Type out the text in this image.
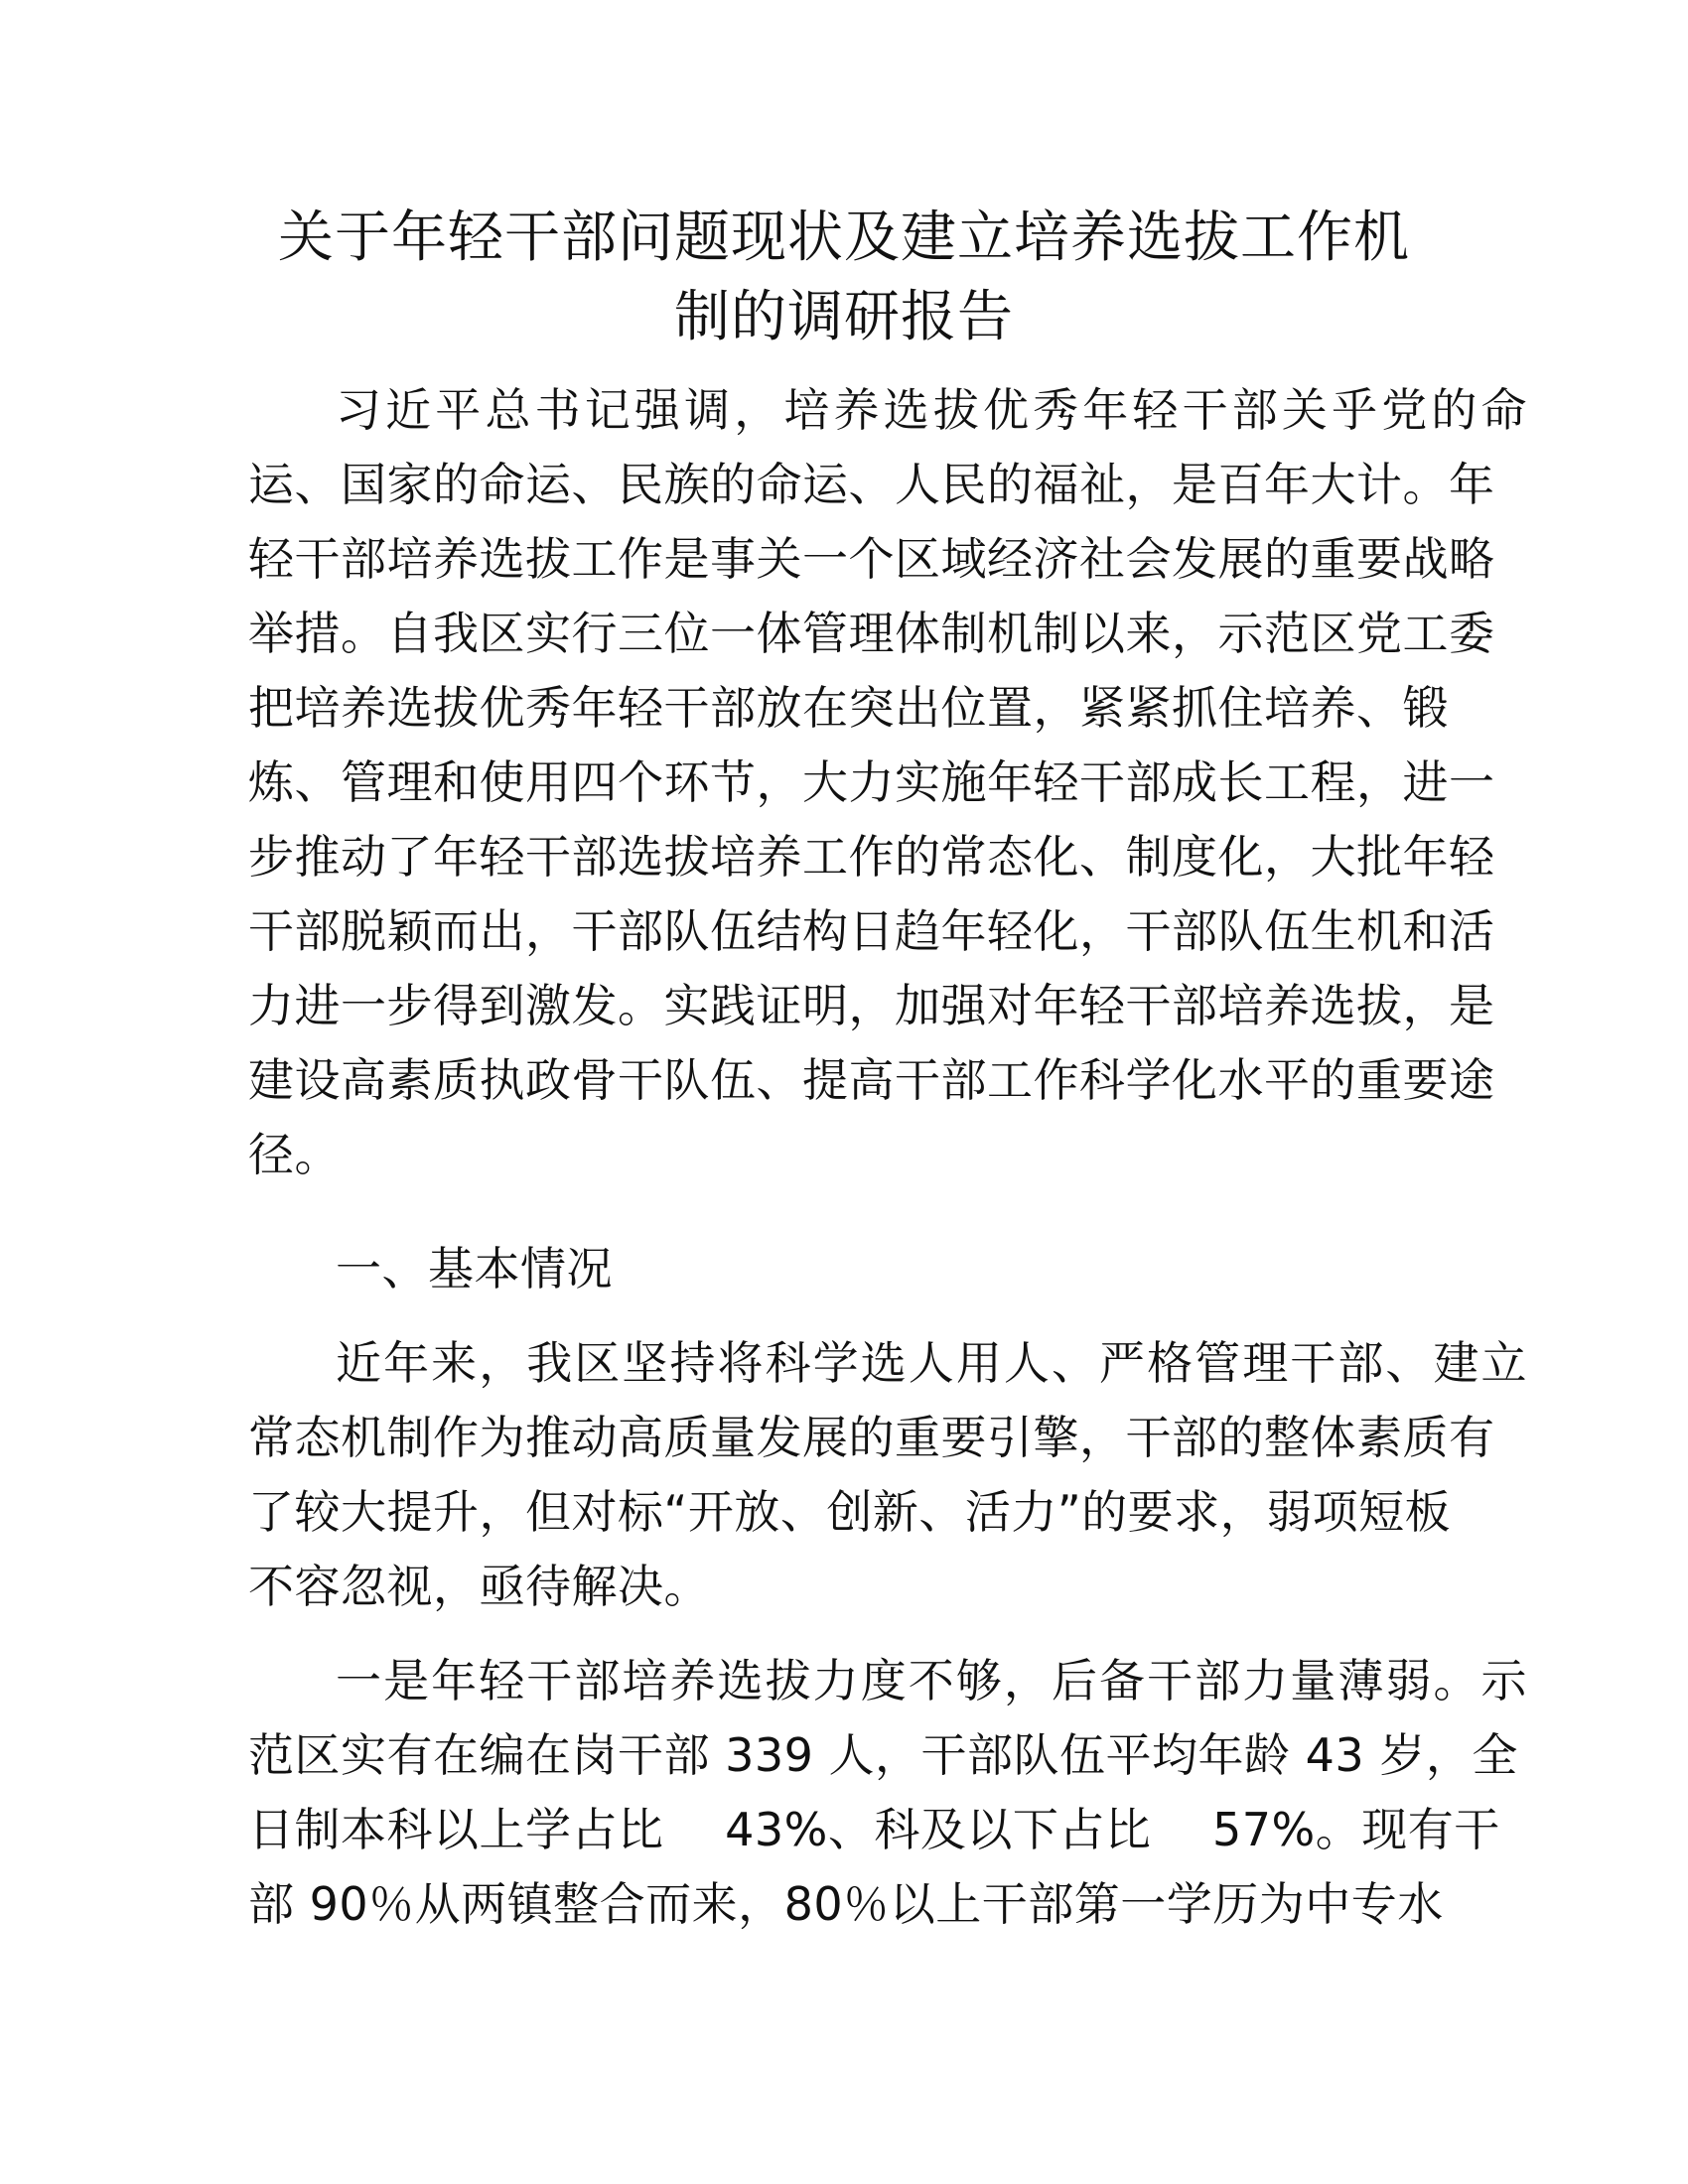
关于年轻干部问题现状及建立培养选拔工作机
制的调研报告
习近平总书记强调，培养选拔优秀年轻干部关乎党的命
运、国家的命运、民族的命运、人民的福祉，是百年大计。年
轻干部培养选拔工作是事关一个区域经济社会发展的重要战略
举措。自我区实行三位一体管理体制机制以来，示范区党工委
把培养选拔优秀年轻干部放在突出位置，紧紧抓住培养、锻
炼、管理和使用四个环节，大力实施年轻干部成长工程，进一
步推动了年轻干部选拔培养工作的常态化、制度化，大批年轻
干部脱颖而出，干部队伍结构日趋年轻化，干部队伍生机和活
力进一步得到激发。实践证明，加强对年轻干部培养选拔，是
建设高素质执政骨干队伍、提高干部工作科学化水平的重要途
径。
一、基本情况
近年来，我区坚持将科学选人用人、严格管理干部、建立
常态机制作为推动高质量发展的重要引擎，干部的整体素质有
了较大提升，但对标“开放、创新、活力”的要求，弱项短板
不容忽视，亟待解决。
一是年轻干部培养选拔力度不够，后备干部力量薄弱。示
范区实有在编在岗干部 339 人，干部队伍平均年龄 43 岁，全
日制本科以上学占比　 43%、科及以下占比　 57%。现有干
部 90％从两镇整合而来，80％以上干部第一学历为中专水
